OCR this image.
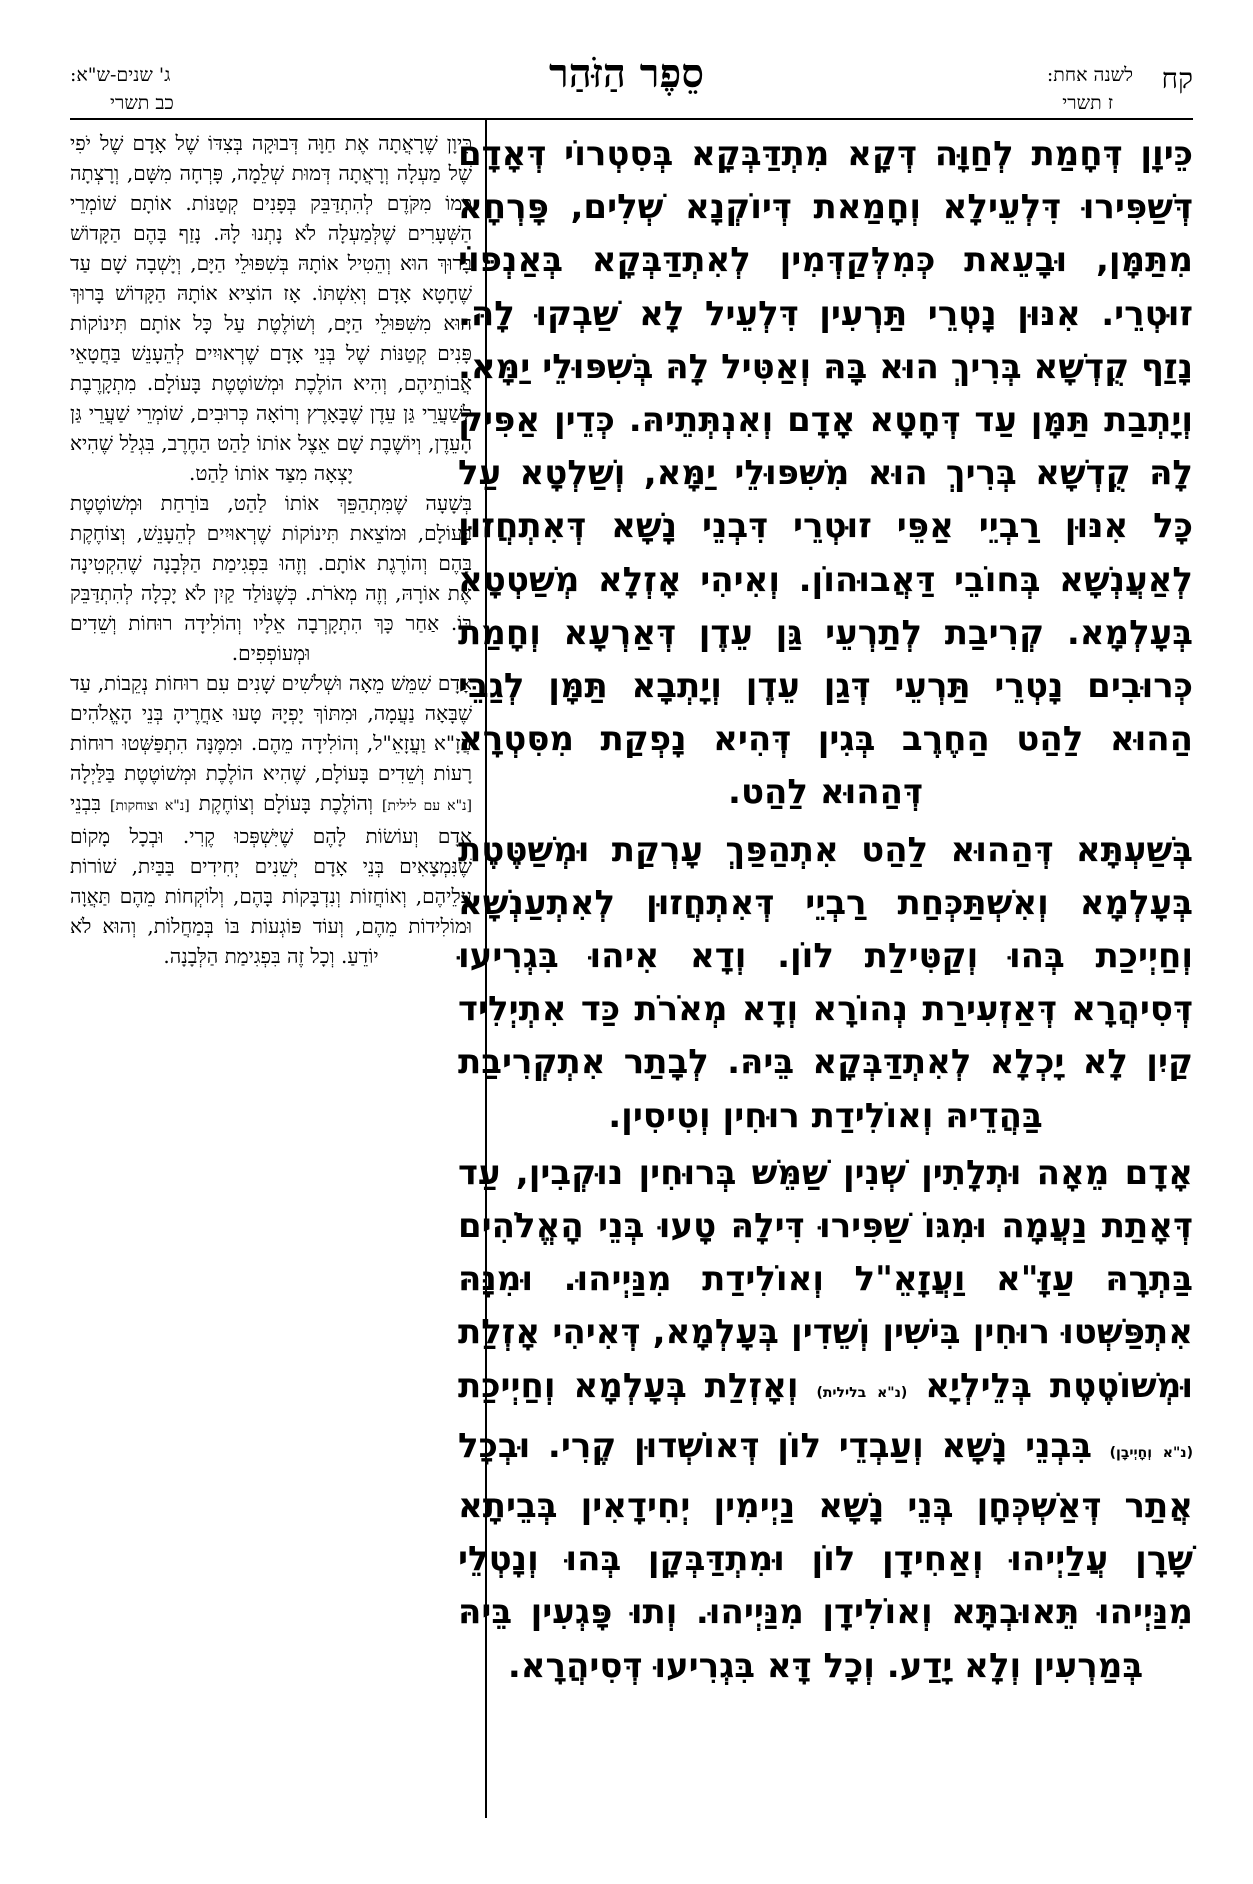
קח
לשנה אחת:
ז תשרי
סֵפֶר הַזֹּהַר
ג' שנים-ש"א:
כב תשרי

כֵּיוָן דְּחָמַת לְחַוָּה דְּקָא מִתְדַּבְּקָא בְּסִטְרוֹי דְּאָדָם דְּשַׁפִּירוּ דִּלְעֵילָא וְחָמַאת דְּיוֹקְנָא שְׁלִים, פָּרְחָא מִתַּמָּן, וּבָעֵאת כְּמִלְּקַדְּמִין לְאִתְדַּבְּקָא בְּאַנְפּוֹי זוּטְרֵי. אִנּוּן נָטְרֵי תַּרְעִין דִּלְעֵיל לָא שַׁבְקוּ לָהּ. נָזַף קֻדְשָׁא בְּרִיךְ הוּא בָּהּ וְאַטִּיל לָהּ בְּשִׁפּוּלֵי יַמָּא. וְיָתְבַת תַּמָּן עַד דְּחָטָא אָדָם וְאִנְתְּתֵיהּ. כְּדֵין אַפִּיק לָהּ קֻדְשָׁא בְּרִיךְ הוּא מִשִּׁפּוּלֵי יַמָּא, וְשַׁלְטָא עַל כָּל אִנּוּן רַבְיֵי אַפֵּי זוּטְרֵי דִּבְנֵי נָשָׁא דְּאִתְחֲזוּן לְאַעֲנְשָׁא בְּחוֹבֵי דַּאֲבוּהוֹן. וְאִיהִי אָזְלָא מְשַׁטְטָא בְּעָלְמָא. קְרִיבַת לְתַרְעֵי גַּן עֵדֶן דְּאַרְעָא וְחָמַת כְּרוּבִים נָטְרֵי תַּרְעֵי דְּגַן עֵדֶן וְיָתְבָא תַּמָּן לְגַבֵּי הַהוּא לַהַט הַחֶרֶב בְּגִין דְּהִיא נָפְקַת מִסִּטְרָא דְּהַהוּא לַהַט.

בְּשַׁעְתָּא דְּהַהוּא לַהַט אִתְהַפַּךְ עָרְקַת וּמְשַׁטֶּטֶת בְּעָלְמָא וְאִשְׁתַּכְּחַת רַבְיֵי דְּאִתְחֲזוּן לְאִתְעַנְשָׁא וְחַיְיכַת בְּהוּ וְקַטִּילַת לוֹן. וְדָא אִיהוּ בִּגְרִיעוּ דְּסִיהֲרָא דְּאַזְעִירַת נְהוֹרָא וְדָא מְאֹרֹת כַּד אִתְיְלִיד קַיִן לָא יָכְלָא לְאִתְדַּבְּקָא בֵּיהּ. לְבָתַר אִתְקְרִיבַת בַּהֲדֵיהּ וְאוֹלִידַת רוּחִין וְטִיסִין.

אָדָם מֵאָה וּתְלָתִין שְׁנִין שַׁמֵּשׁ בְּרוּחִין נוּקְבִין, עַד דְּאָתַת נַעֲמָה וּמִגּוֹ שַׁפִּירוּ דִּילָהּ טָעוּ בְּנֵי הָאֱלֹהִים בַּתְרָהּ עַזָּ"א וַעֲזָאֵ"ל וְאוֹלִידַת מִנַּיְיהוּ. וּמִנָּהּ אִתְפַּשְּׁטוּ רוּחִין בִּישִׁין וְשֵׁדִין בְּעָלְמָא, דְּאִיהִי אָזְלַת וּמְשׁוֹטֶטֶת בְּלֵילְיָא (נ"א בלילית) וְאָזְלַת בְּעָלְמָא וְחַיְיכַת (נ"א וְחָיְיבָן) בִּבְנֵי נָשָׁא וְעַבְדֵי לוֹן דְּאוֹשְׁדוּן קֶרִי. וּבְכָל אֲתַר דְּאַשְׁכְּחָן בְּנֵי נָשָׁא נַיְימִין יְחִידָאִין בְּבֵיתָא שָׁרָן עֲלַיְיהוּ וְאַחִידָן לוֹן וּמִתְדַּבְּקָן בְּהוּ וְנָטְלֵי מִנַּיְיהוּ תֵּאוּבְתָּא וְאוֹלִידָן מִנַּיְיהוּ. וְתוּ פָּגְעִין בֵּיהּ בְּמַרְעִין וְלָא יָדַע. וְכָל דָּא בִּגְרִיעוּ דְּסִיהֲרָא.

כֵּיוָן שֶׁרָאֲתָה אֶת חַוָּה דְּבוּקָה בְּצִדּוֹ שֶׁל אָדָם שֶׁל יֹפִי שֶׁל מַעְלָה וְרָאֲתָה דְּמוּת שְׁלֵמָה, פָּרְחָה מִשָּׁם, וְרָצְתָה כְּמוֹ מִקֹּדֶם לְהִתְדַּבֵּק בְּפָנִים קְטַנּוֹת. אוֹתָם שׁוֹמְרֵי הַשְּׁעָרִים שֶׁלְּמַעְלָה לֹא נָתְנוּ לָהּ. נָזַף בָּהֶם הַקָּדוֹשׁ בָּרוּךְ הוּא וְהֵטִיל אוֹתָהּ בְּשִׁפּוּלֵי הַיָּם, וְיָשְׁבָה שָׁם עַד שֶׁחָטָא אָדָם וְאִשְׁתּוֹ. אָז הוֹצִיא אוֹתָהּ הַקָּדוֹשׁ בָּרוּךְ הוּא מִשִּׁפּוּלֵי הַיָּם, וְשׁוֹלֶטֶת עַל כָּל אוֹתָם תִּינוֹקוֹת פָּנִים קְטַנּוֹת שֶׁל בְּנֵי אָדָם שֶׁרְאוּיִים לְהֵעָנֵשׁ בַּחֲטָאֵי אֲבוֹתֵיהֶם, וְהִיא הוֹלֶכֶת וּמְשׁוֹטֶטֶת בָּעוֹלָם. מִתְקָרֶבֶת לְשַׁעֲרֵי גַּן עֵדֶן שֶׁבָּאָרֶץ וְרוֹאָה כְּרוּבִים, שׁוֹמְרֵי שַׁעֲרֵי גַּן הָעֵדֶן, וְיוֹשֶׁבֶת שָׁם אֵצֶל אוֹתוֹ לַהַט הַחֶרֶב, בִּגְלַל שֶׁהִיא יָצְאָה מִצַּד אוֹתוֹ לַהַט.

בְּשָׁעָה שֶׁמִּתְהַפֵּךְ אוֹתוֹ לַהַט, בּוֹרַחַת וּמְשׁוֹטֶטֶת בָּעוֹלָם, וּמוֹצֵאת תִּינוֹקוֹת שֶׁרְאוּיִים לְהֵעָנֵשׁ, וְצוֹחֶקֶת בָּהֶם וְהוֹרֶגֶת אוֹתָם. וְזֶהוּ בִּפְגִימַת הַלְּבָנָה שֶׁהִקְטִינָה אֶת אוֹרָהּ, וְזֶה מְאֹרֹת. כְּשֶׁנּוֹלַד קַיִן לֹא יָכְלָה לְהִתְדַּבֵּק בּוֹ. אַחַר כָּךְ הִתְקָרְבָה אֵלָיו וְהוֹלִידָה רוּחוֹת וְשֵׁדִים וּמְעוֹפְפִים.

אָדָם שִׁמֵּשׁ מֵאָה וּשְׁלֹשִׁים שָׁנִים עִם רוּחוֹת נְקֵבוֹת, עַד שֶׁבָּאָה נַעֲמָה, וּמִתּוֹךְ יָפְיָהּ טָעוּ אַחֲרֶיהָ בְּנֵי הָאֱלֹהִים עֲזָ"א וַעֲזָאֵ"ל, וְהוֹלִידָה מֵהֶם. וּמִמֶּנָּה הִתְפַּשְּׁטוּ רוּחוֹת רָעוֹת וְשֵׁדִים בָּעוֹלָם, שֶׁהִיא הוֹלֶכֶת וּמְשׁוֹטֶטֶת בַּלַּיְלָה [נ"א עם לילית] וְהוֹלֶכֶת בָּעוֹלָם וְצוֹחֶקֶת [נ"א וצוחקות] בִּבְנֵי אָדָם וְעוֹשׂוֹת לָהֶם שֶׁיִּשְׁפְּכוּ קֶרִי. וּבְכָל מָקוֹם שֶׁנִּמְצָאִים בְּנֵי אָדָם יְשֵׁנִים יְחִידִים בַּבַּיִת, שׁוֹרוֹת עֲלֵיהֶם, וְאוֹחֲזוֹת וְנִדְבָּקוֹת בָּהֶם, וְלוֹקְחוֹת מֵהֶם תַּאֲוָה וּמוֹלִידוֹת מֵהֶם, וְעוֹד פּוֹגְעוֹת בּוֹ בְּמַחֲלוֹת, וְהוּא לֹא יוֹדֵעַ. וְכָל זֶה בִּפְגִימַת הַלְּבָנָה.
